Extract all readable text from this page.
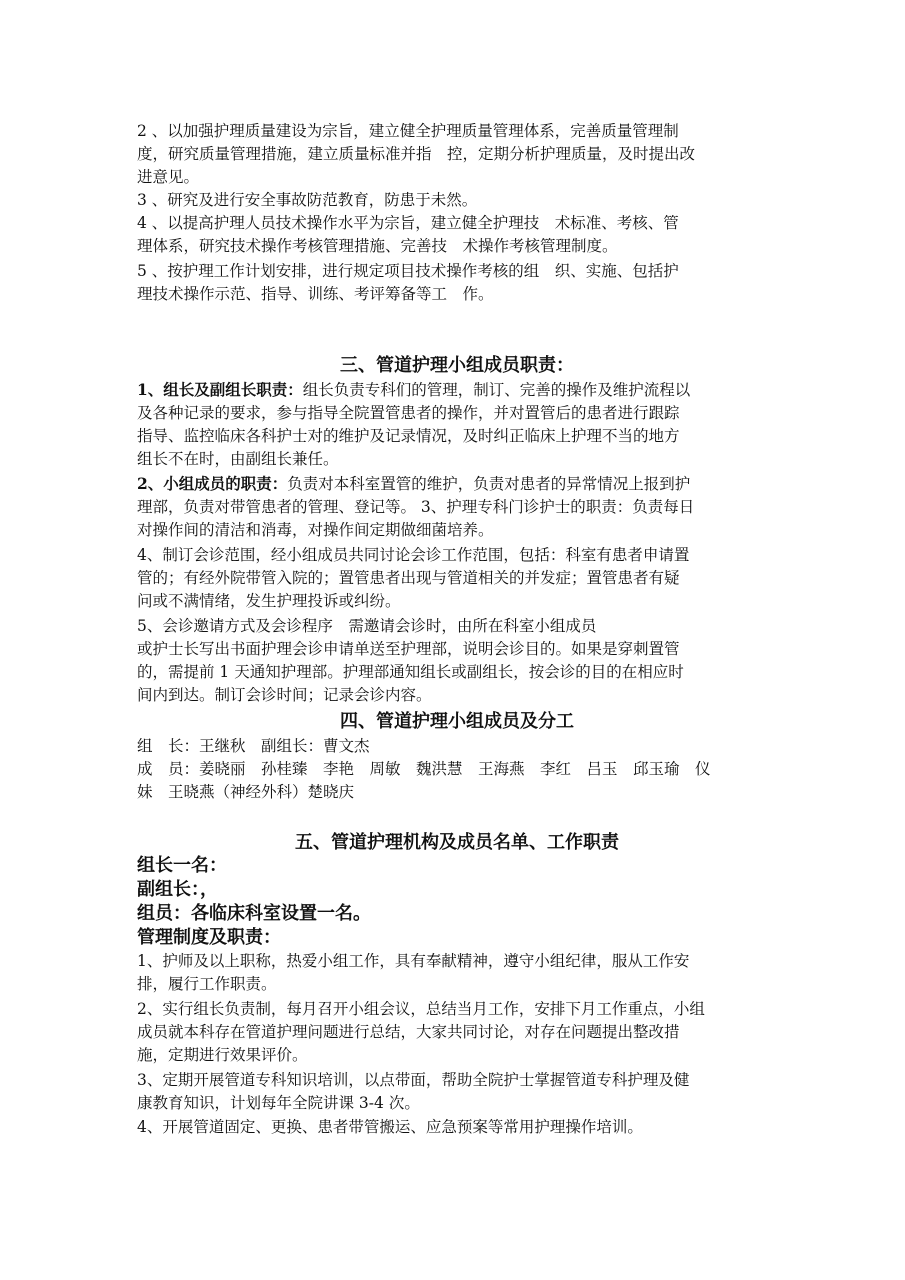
2 、以加强护理质量建设为宗旨，建立健全护理质量管理体系，完善质量管理制
度，研究质量管理措施，建立质量标准并指　控，定期分析护理质量，及时提出改
进意见。
3 、研究及进行安全事故防范教育，防患于未然。
4 、以提高护理人员技术操作水平为宗旨，建立健全护理技　术标准、考核、管
理体系，研究技术操作考核管理措施、完善技　术操作考核管理制度。
5 、按护理工作计划安排，进行规定项目技术操作考核的组　织、实施、包括护
理技术操作示范、指导、训练、考评筹备等工　作。
三、管道护理小组成员职责：
1、组长及副组长职责：组长负责专科们的管理，制订、完善的操作及维护流程以
及各种记录的要求，参与指导全院置管患者的操作，并对置管后的患者进行跟踪
指导、监控临床各科护士对的维护及记录情况，及时纠正临床上护理不当的地方
组长不在时，由副组长兼任。
2、小组成员的职责：负责对本科室置管的维护，负责对患者的异常情况上报到护
理部，负责对带管患者的管理、登记等。 3、护理专科门诊护士的职责：负责每日
对操作间的清洁和消毒，对操作间定期做细菌培养。
4、制订会诊范围，经小组成员共同讨论会诊工作范围，包括：科室有患者申请置
管的；有经外院带管入院的；置管患者出现与管道相关的并发症；置管患者有疑
问或不满情绪，发生护理投诉或纠纷。
5、会诊邀请方式及会诊程序　需邀请会诊时，由所在科室小组成员
或护士长写出书面护理会诊申请单送至护理部，说明会诊目的。如果是穿刺置管
的，需提前 1 天通知护理部。护理部通知组长或副组长，按会诊的目的在相应时
间内到达。制订会诊时间；记录会诊内容。
四、管道护理小组成员及分工
组　长：王继秋　副组长：曹文杰
成　员：姜晓丽　孙桂臻　李艳　周敏　魏洪慧　王海燕　李红　吕玉　邱玉瑜　仪
妹　王晓燕（神经外科）楚晓庆
五、管道护理机构及成员名单、工作职责
组长一名：
副组长：，
组员：各临床科室设置一名。
管理制度及职责：
1、护师及以上职称，热爱小组工作，具有奉献精神，遵守小组纪律，服从工作安
排，履行工作职责。
2、实行组长负责制，每月召开小组会议，总结当月工作，安排下月工作重点，小组
成员就本科存在管道护理问题进行总结，大家共同讨论，对存在问题提出整改措
施，定期进行效果评价。
3、定期开展管道专科知识培训，以点带面，帮助全院护士掌握管道专科护理及健
康教育知识，计划每年全院讲课 3-4 次。
4、开展管道固定、更换、患者带管搬运、应急预案等常用护理操作培训。
